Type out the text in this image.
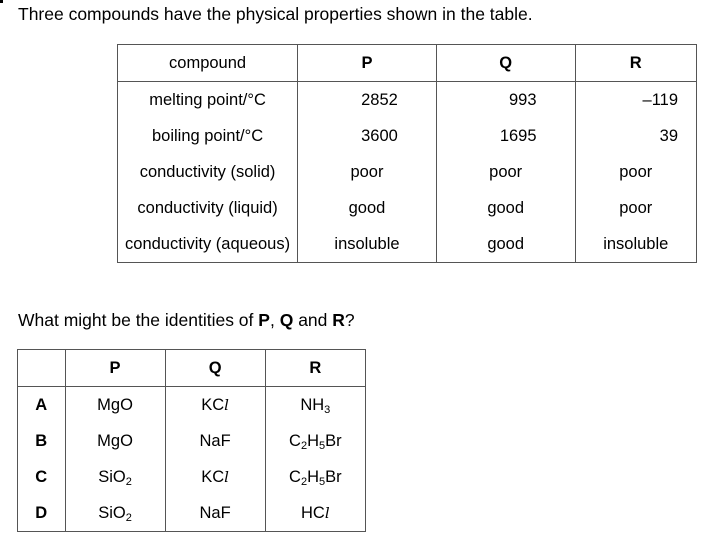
Three compounds have the physical properties shown in the table.
compound	P	Q	R
melting point/°C	2852	993	–119
boiling point/°C	3600	1695	39
conductivity (solid)	poor	poor	poor
conductivity (liquid)	good	good	poor
conductivity (aqueous)	insoluble	good	insoluble
What might be the identities of P, Q and R?
	P	Q	R
A	MgO	KCl	$NH_3$
B	MgO	NaF	$C_2H_5Br$
C	SiO$_2$	KCl	$C_2H_5Br$
D	SiO$_2$	NaF	HCl
